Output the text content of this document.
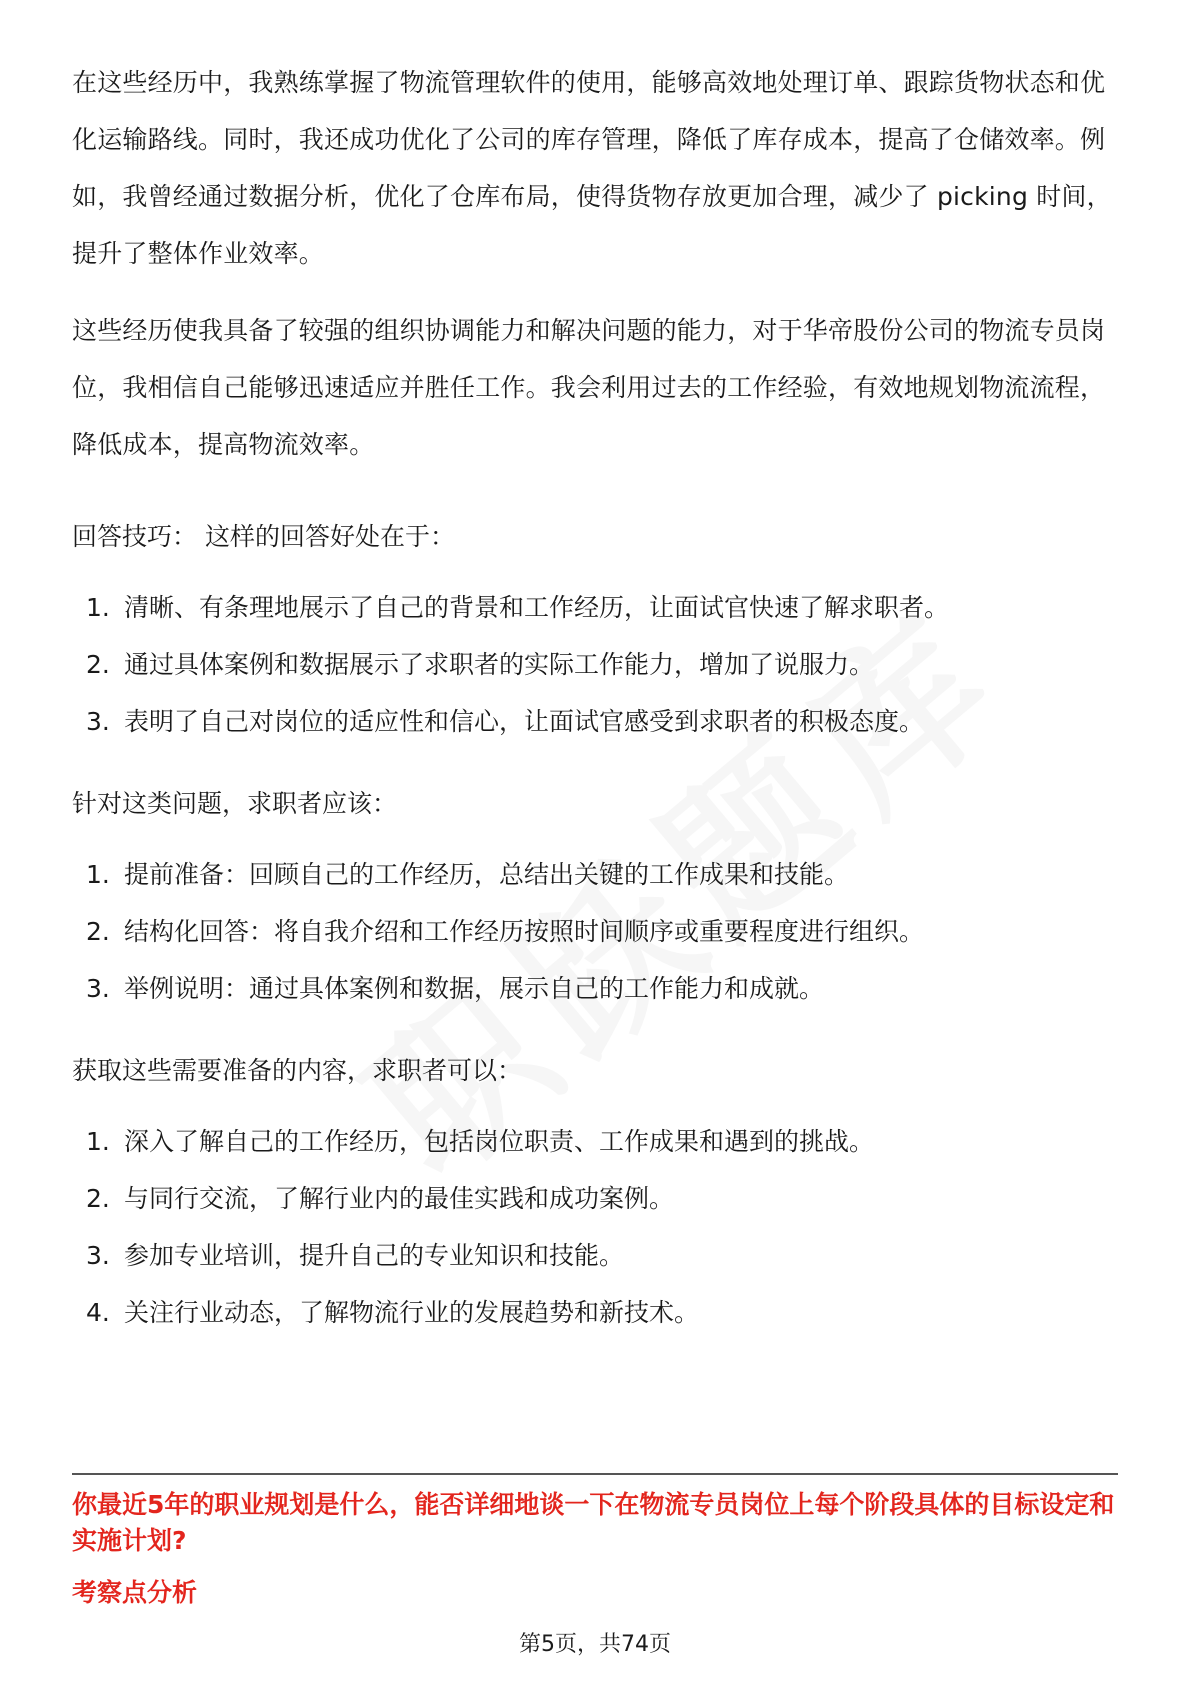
在这些经历中，我熟练掌握了物流管理软件的使用，能够高效地处理订单、跟踪货物状态和优化运输路线。同时，我还成功优化了公司的库存管理，降低了库存成本，提高了仓储效率。例如，我曾经通过数据分析，优化了仓库布局，使得货物存放更加合理，减少了 picking 时间，提升了整体作业效率。

这些经历使我具备了较强的组织协调能力和解决问题的能力，对于华帝股份公司的物流专员岗位，我相信自己能够迅速适应并胜任工作。我会利用过去的工作经验，有效地规划物流流程，降低成本，提高物流效率。

回答技巧： 这样的回答好处在于：

1. 清晰、有条理地展示了自己的背景和工作经历，让面试官快速了解求职者。
2. 通过具体案例和数据展示了求职者的实际工作能力，增加了说服力。
3. 表明了自己对岗位的适应性和信心，让面试官感受到求职者的积极态度。

针对这类问题，求职者应该：

1. 提前准备：回顾自己的工作经历，总结出关键的工作成果和技能。
2. 结构化回答：将自我介绍和工作经历按照时间顺序或重要程度进行组织。
3. 举例说明：通过具体案例和数据，展示自己的工作能力和成就。

获取这些需要准备的内容，求职者可以：

1. 深入了解自己的工作经历，包括岗位职责、工作成果和遇到的挑战。
2. 与同行交流，了解行业内的最佳实践和成功案例。
3. 参加专业培训，提升自己的专业知识和技能。
4. 关注行业动态，了解物流行业的发展趋势和新技术。

你最近5年的职业规划是什么，能否详细地谈一下在物流专员岗位上每个阶段具体的目标设定和实施计划?

考察点分析

第5页，共74页
